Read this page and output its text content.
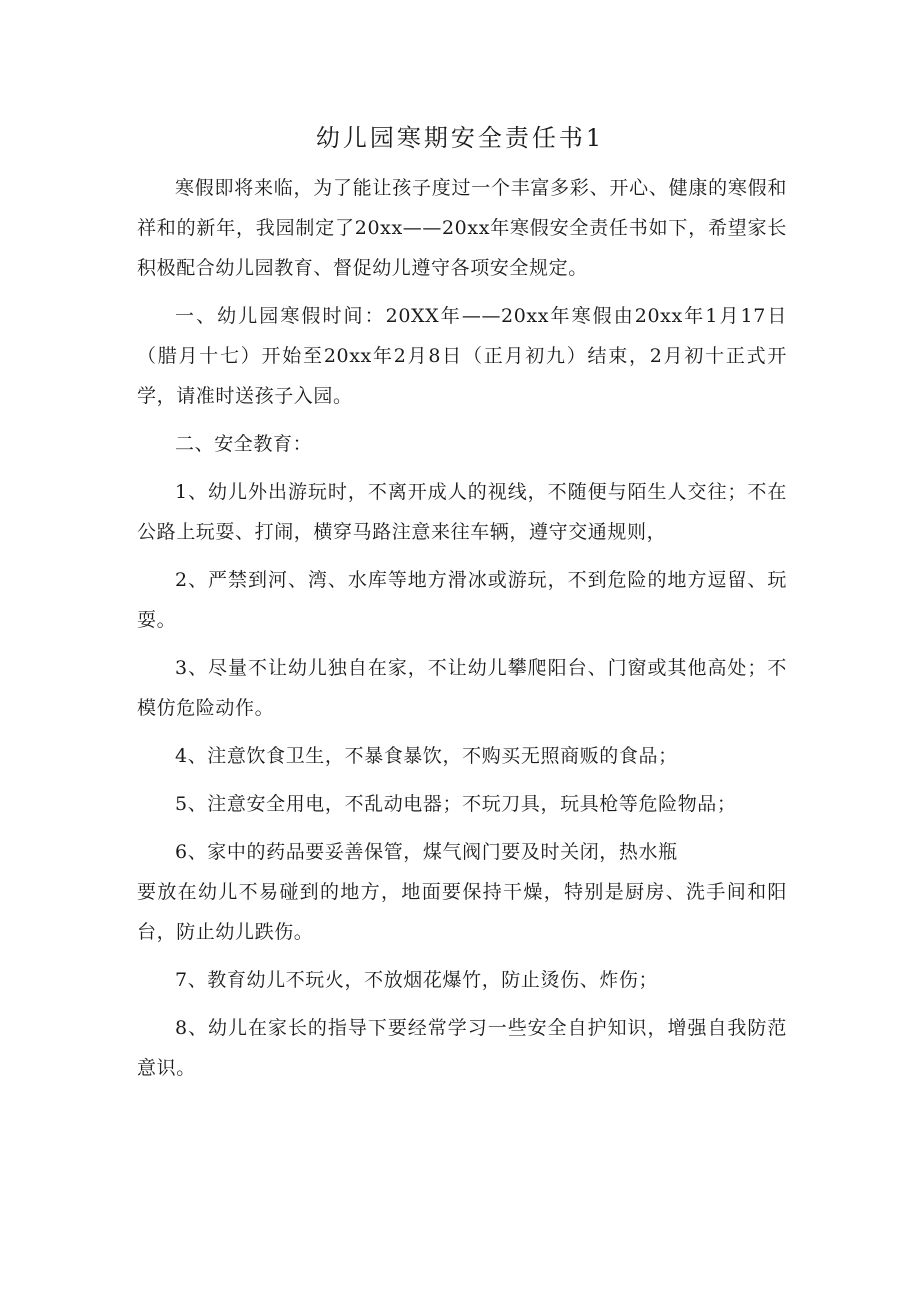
幼儿园寒期安全责任书1

寒假即将来临，为了能让孩子度过一个丰富多彩、开心、健康的寒假和祥和的新年，我园制定了20xx——20xx年寒假安全责任书如下，希望家长积极配合幼儿园教育、督促幼儿遵守各项安全规定。

一、幼儿园寒假时间：20XX年——20xx年寒假由20xx年1月17日（腊月十七）开始至20xx年2月8日（正月初九）结束，2月初十正式开学，请准时送孩子入园。

二、安全教育：

1、幼儿外出游玩时，不离开成人的视线，不随便与陌生人交往；不在公路上玩耍、打闹，横穿马路注意来往车辆，遵守交通规则，

2、严禁到河、湾、水库等地方滑冰或游玩，不到危险的地方逗留、玩耍。

3、尽量不让幼儿独自在家，不让幼儿攀爬阳台、门窗或其他高处；不模仿危险动作。

4、注意饮食卫生，不暴食暴饮，不购买无照商贩的食品；

5、注意安全用电，不乱动电器；不玩刀具，玩具枪等危险物品；

6、家中的药品要妥善保管，煤气阀门要及时关闭，热水瓶

要放在幼儿不易碰到的地方，地面要保持干燥，特别是厨房、洗手间和阳台，防止幼儿跌伤。

7、教育幼儿不玩火，不放烟花爆竹，防止烫伤、炸伤；

8、幼儿在家长的指导下要经常学习一些安全自护知识，增强自我防范意识。
